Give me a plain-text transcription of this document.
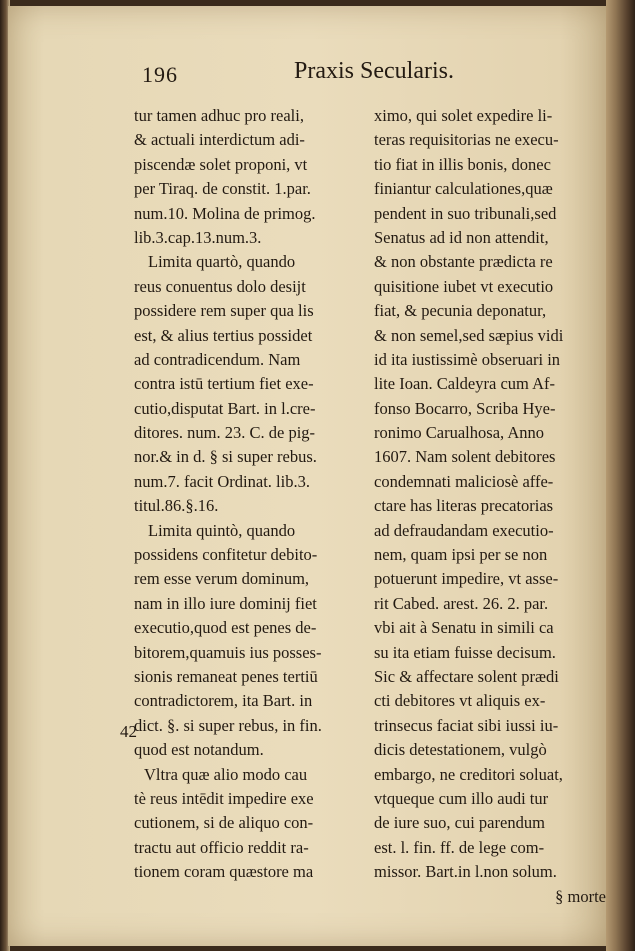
196	Praxis Secularis.
42
tur tamen adhuc pro reali,
& actuali interdictum adi-
piscendæ solet proponi, vt
per Tiraq. de constit. 1.par.
num.10. Molina de primog.
lib.3.cap.13.num.3.
Limita quartò, quando
reus conuentus dolo desijt
possidere rem super qua lis
est, & alius tertius possidet
ad contradicendum. Nam
contra istū tertium fiet exe-
cutio,disputat Bart. in l.cre-
ditores. num. 23. C. de pig-
nor.& in d. § si super rebus.
num.7. facit Ordinat. lib.3.
titul.86.§.16.
Limita quintò, quando
possidens confitetur debito-
rem esse verum dominum,
nam in illo iure dominij fiet
executio,quod est penes de-
bitorem,quamuis ius posses-
sionis remaneat penes tertiū
contradictorem, ita Bart. in
dict. §. si super rebus, in fin.
quod est notandum.
Vltra quæ alio modo cau
tè reus intēdit impedire exe
cutionem, si de aliquo con-
tractu aut officio reddit ra-
tionem coram quæstore ma
ximo, qui solet expedire li-
teras requisitorias ne execu-
tio fiat in illis bonis, donec
finiantur calculationes,quæ
pendent in suo tribunali,sed
Senatus ad id non attendit,
& non obstante prædicta re
quisitione iubet vt executio
fiat, & pecunia deponatur,
& non semel,sed sæpius vidi
id ita iustissimè obseruari in
lite Ioan. Caldeyra cum Af-
fonso Bocarro, Scriba Hye-
ronimo Carualhosa, Anno
1607. Nam solent debitores
condemnati maliciosè affe-
ctare has literas precatorias
ad defraudandam executio-
nem, quam ipsi per se non
potuerunt impedire, vt asse-
rit Cabed. arest. 26. 2. par.
vbi ait à Senatu in simili ca
su ita etiam fuisse decisum.
Sic & affectare solent prædi
cti debitores vt aliquis ex-
trinsecus faciat sibi iussi iu-
dicis detestationem, vulgò
embargo, ne creditori soluat,
vtqueque cum illo audi tur
de iure suo, cui parendum
est. l. fin. ff. de lege com-
missor. Bart.in l.non solum.
§ morte
